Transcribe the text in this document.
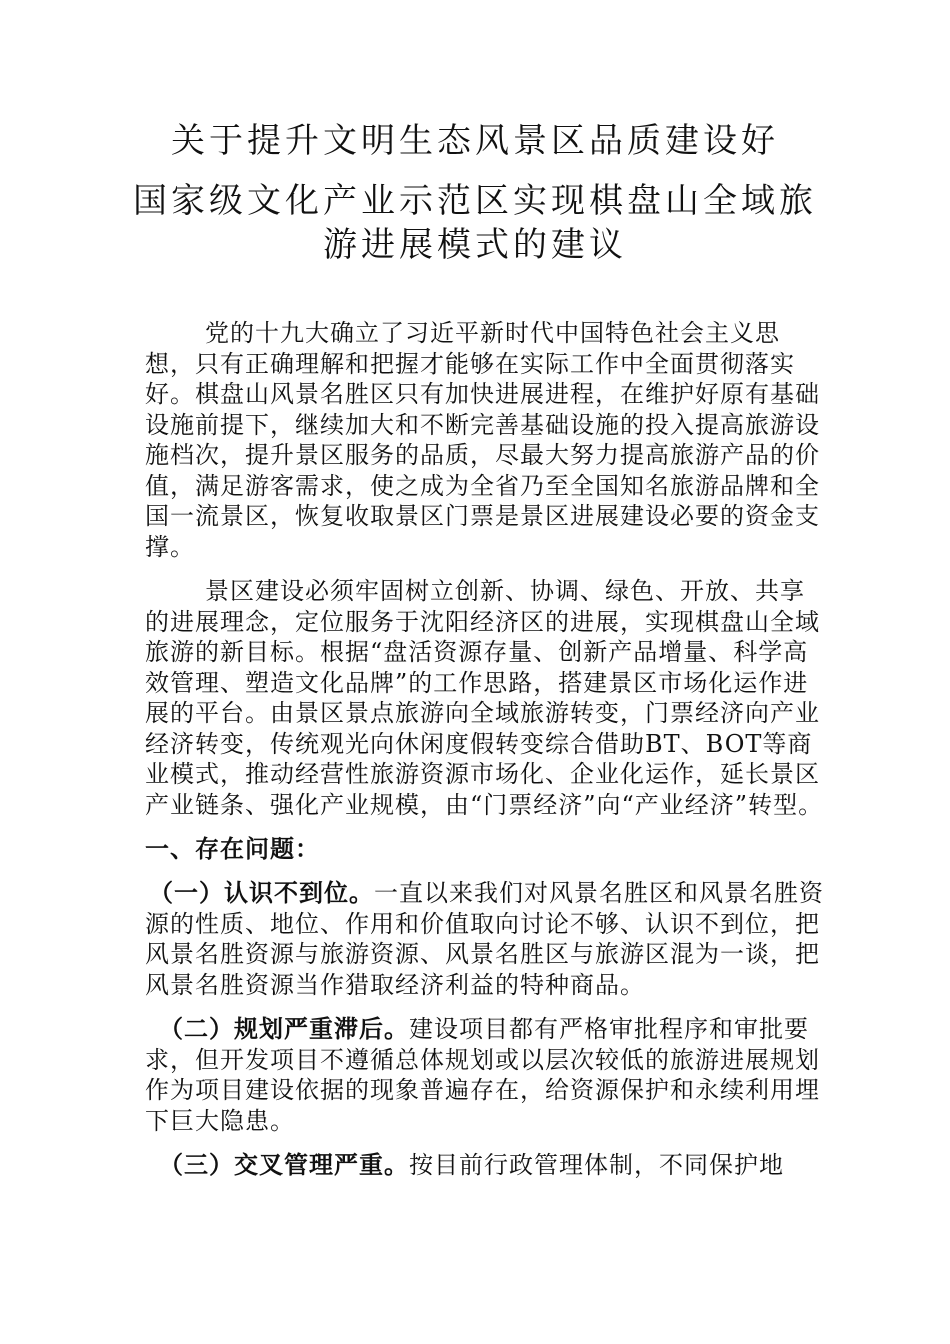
关于提升文明生态风景区品质建设好
国家级文化产业示范区实现棋盘山全域旅
游进展模式的建议

党的十九大确立了习近平新时代中国特色社会主义思想，只有正确理解和把握才能够在实际工作中全面贯彻落实好。棋盘山风景名胜区只有加快进展进程，在维护好原有基础设施前提下，继续加大和不断完善基础设施的投入提高旅游设施档次，提升景区服务的品质，尽最大努力提高旅游产品的价值，满足游客需求，使之成为全省乃至全国知名旅游品牌和全国一流景区，恢复收取景区门票是景区进展建设必要的资金支撑。

景区建设必须牢固树立创新、协调、绿色、开放、共享的进展理念，定位服务于沈阳经济区的进展，实现棋盘山全域旅游的新目标。根据“盘活资源存量、创新产品增量、科学高效管理、塑造文化品牌”的工作思路，搭建景区市场化运作进展的平台。由景区景点旅游向全域旅游转变，门票经济向产业经济转变，传统观光向休闲度假转变综合借助BT、BOT等商业模式，推动经营性旅游资源市场化、企业化运作，延长景区产业链条、强化产业规模，由“门票经济”向“产业经济”转型。

一、存在问题：

（一）认识不到位。一直以来我们对风景名胜区和风景名胜资源的性质、地位、作用和价值取向讨论不够、认识不到位，把风景名胜资源与旅游资源、风景名胜区与旅游区混为一谈，把风景名胜资源当作猎取经济利益的特种商品。

（二）规划严重滞后。建设项目都有严格审批程序和审批要求，但开发项目不遵循总体规划或以层次较低的旅游进展规划作为项目建设依据的现象普遍存在，给资源保护和永续利用埋下巨大隐患。

（三）交叉管理严重。按目前行政管理体制，不同保护地
